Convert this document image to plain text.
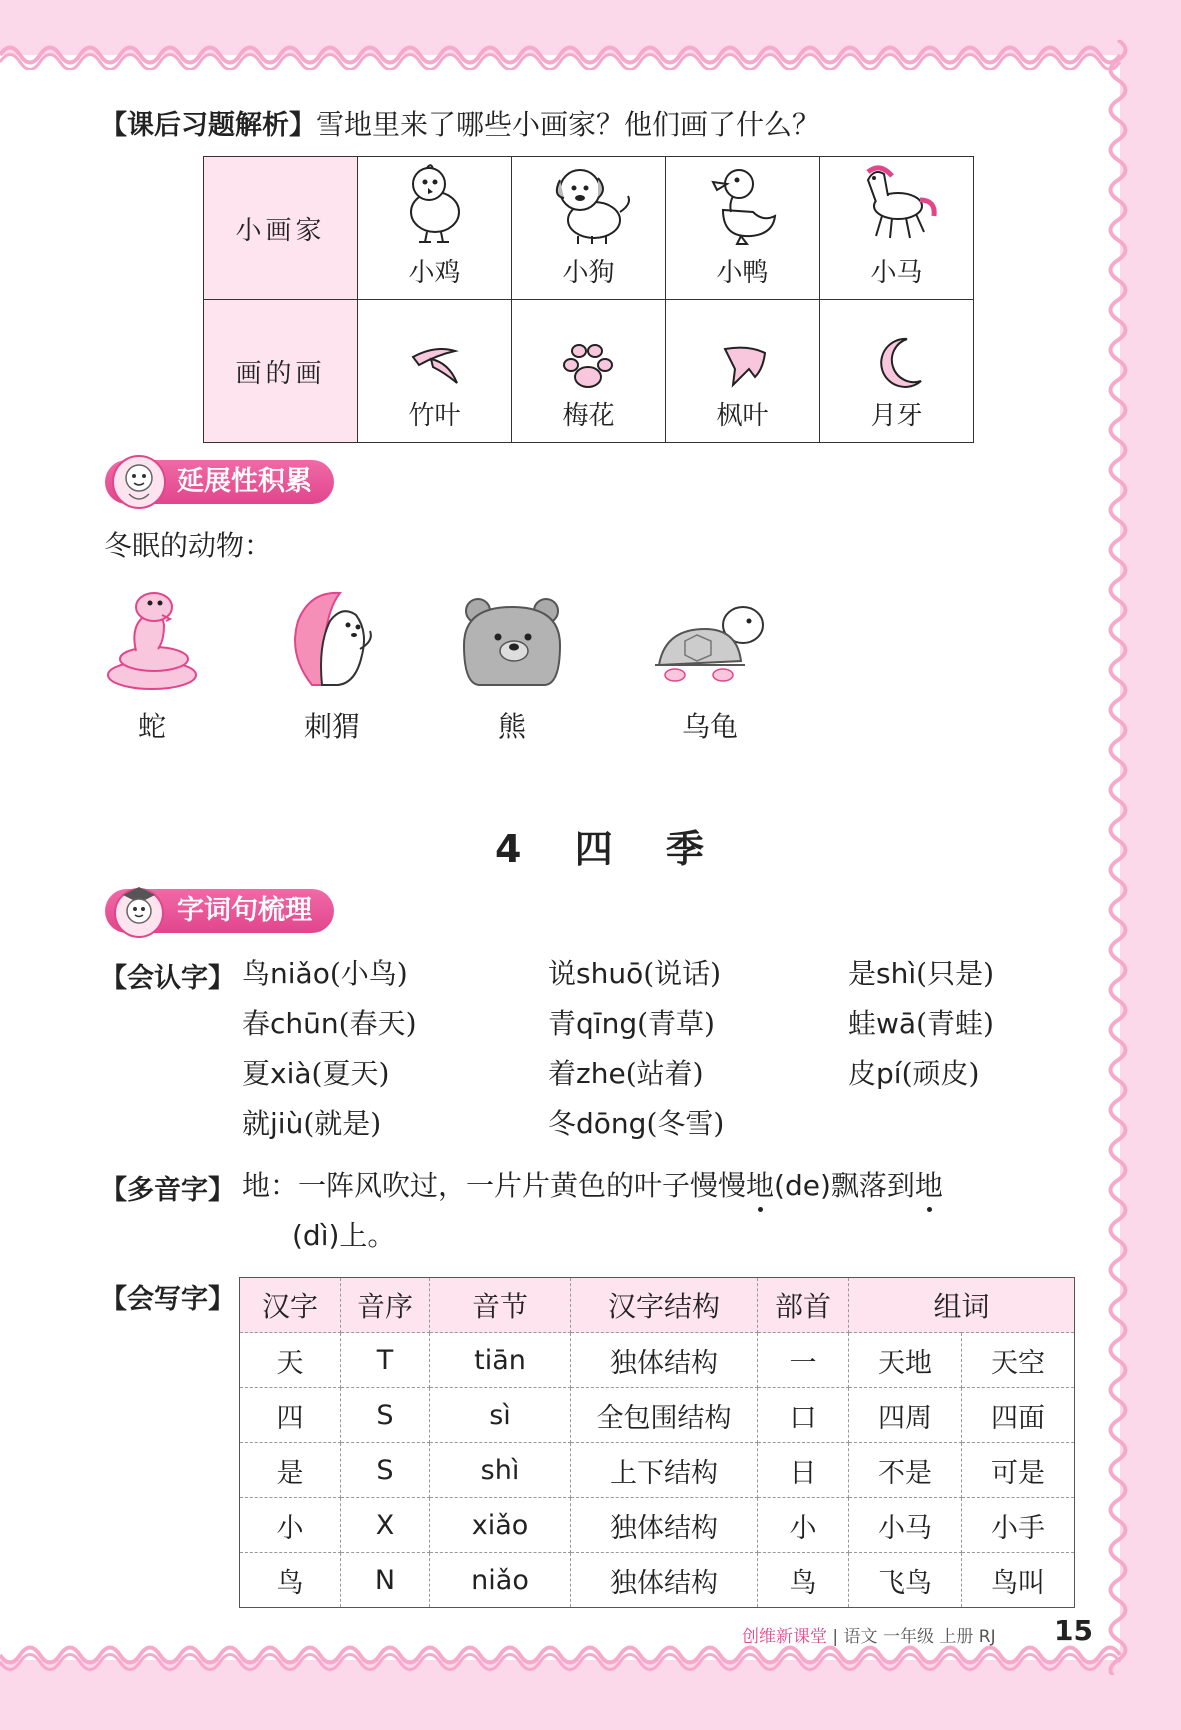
【课后习题解析】雪地里来了哪些小画家？他们画了什么？
小画家	小鸡	小狗	小鸭	小马
画的画	竹叶	梅花	枫叶	月牙
延展性积累
冬眠的动物：
蛇	刺猬	熊	乌龟
4 四 季
字词句梳理
【会认字】 鸟niǎo(小鸟)	说shuō(说话)	是shì(只是)
春chūn(春天)	青qīng(青草)	蛙wā(青蛙)
夏xià(夏天)	着zhe(站着)	皮pí(顽皮)
就jiù(就是)	冬dōng(冬雪)
【多音字】 地：一阵风吹过，一片片黄色的叶子慢慢地(de)飘落到地
(dì)上。
【会写字】 汉字	音序	音节	汉字结构	部首	组词	
天	T	tiān	独体结构	一	天地	天空
四	S	sì	全包围结构	口	四周	四面
是	S	shì	上下结构	日	不是	可是
小	X	xiǎo	独体结构	小	小马	小手
鸟	N	niǎo	独体结构	鸟	飞鸟	鸟叫
创维新课堂 | 语文 一年级 上册 RJ 15
